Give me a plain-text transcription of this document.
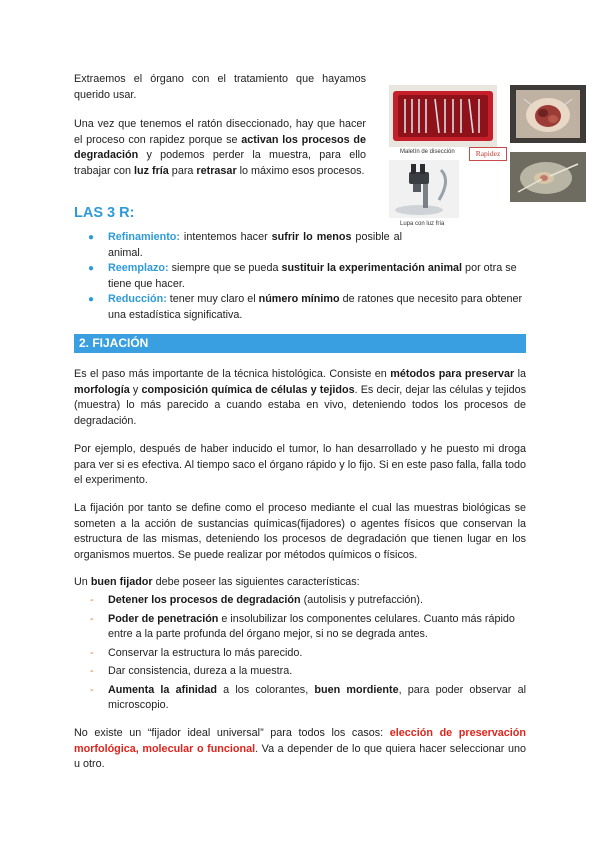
Extraemos el órgano con el tratamiento que hayamos querido usar.

Una vez que tenemos el ratón diseccionado, hay que hacer el proceso con rapidez porque se activan los procesos de degradación y podemos perder la muestra, para ello trabajar con luz fría para retrasar lo máximo esos procesos.

Maletín de disección	Rapidez
Lupa con luz fría
LAS 3 R:
● Refinamiento: intentemos hacer sufrir lo menos posible al animal.
● Reemplazo: siempre que se pueda sustituir la experimentación animal por otra se tiene que hacer.
● Reducción: tener muy claro el número mínimo de ratones que necesito para obtener una estadística significativa.
2. FIJACIÓN

Es el paso más importante de la técnica histológica. Consiste en métodos para preservar la morfología y composición química de células y tejidos. Es decir, dejar las células y tejidos (muestra) lo más parecido a cuando estaba en vivo, deteniendo todos los procesos de degradación.

Por ejemplo, después de haber inducido el tumor, lo han desarrollado y he puesto mi droga para ver si es efectiva. Al tiempo saco el órgano rápido y lo fijo. Si en este paso falla, falla todo el experimento.

La fijación por tanto se define como el proceso mediante el cual las muestras biológicas se someten a la acción de sustancias químicas(fijadores) o agentes físicos que conservan la estructura de las mismas, deteniendo los procesos de degradación que tienen lugar en los organismos muertos. Se puede realizar por métodos químicos o físicos.

Un buen fijador debe poseer las siguientes características:

- Detener los procesos de degradación (autolisis y putrefacción).
- Poder de penetración e insolubilizar los componentes celulares. Cuanto más rápido entre a la parte profunda del órgano mejor, si no se degrada antes.
- Conservar la estructura lo más parecido.
- Dar consistencia, dureza a la muestra.
- Aumenta la afinidad a los colorantes, buen mordiente, para poder observar al microscopio.

No existe un “fijador ideal universal” para todos los casos: elección de preservación morfológica, molecular o funcional. Va a depender de lo que quiera hacer seleccionar uno u otro.
